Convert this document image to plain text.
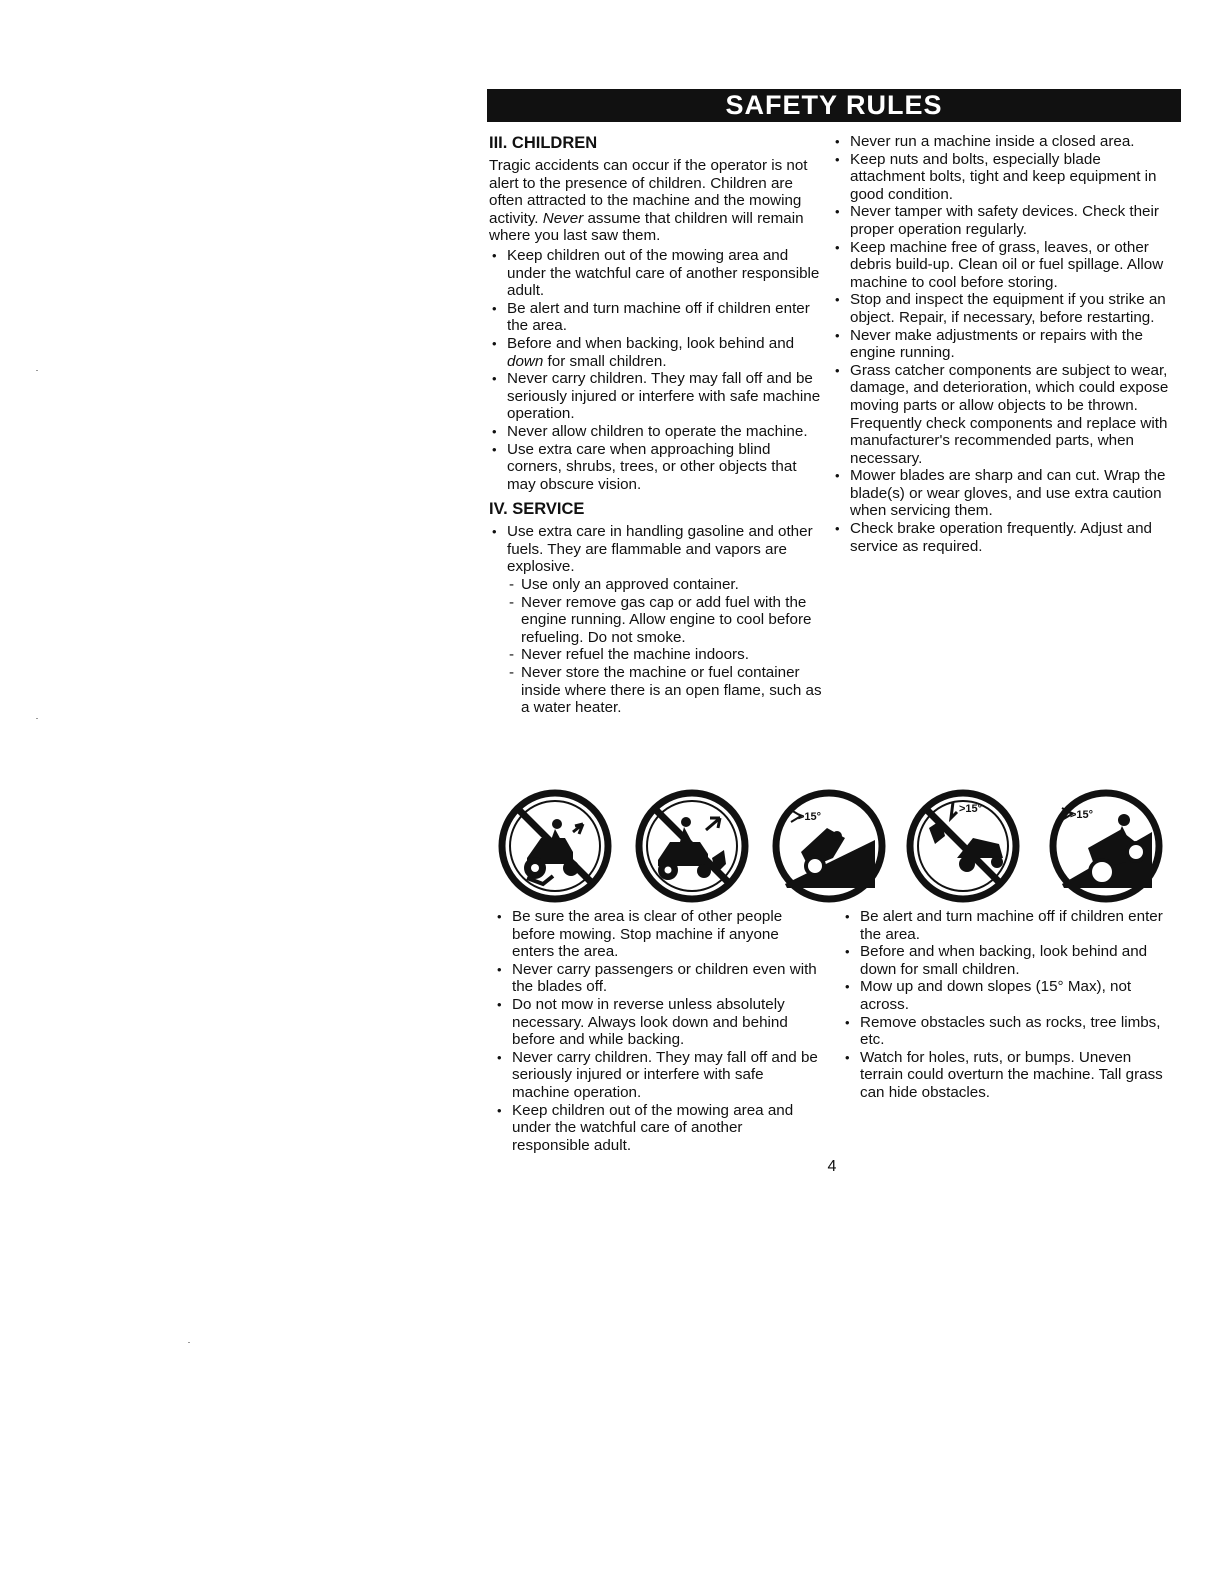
SAFETY RULES
III. CHILDREN

Tragic accidents can occur if the operator is not alert to the presence of children. Children are often attracted to the machine and the mowing activity. Never assume that children will remain where you last saw them.

• Keep children out of the mowing area and under the watchful care of another responsible adult.
• Be alert and turn machine off if children enter the area.
• Before and when backing, look behind and down for small children.
• Never carry children. They may fall off and be seriously injured or interfere with safe machine operation.
• Never allow children to operate the machine.
• Use extra care when approaching blind corners, shrubs, trees, or other objects that may obscure vision.
IV. SERVICE
• Use extra care in handling gasoline and other fuels. They are flammable and vapors are explosive.
- Use only an approved container.
- Never remove gas cap or add fuel with the engine running. Allow engine to cool before refueling. Do not smoke.
- Never refuel the machine indoors.
- Never store the machine or fuel container inside where there is an open flame, such as a water heater.
• Never run a machine inside a closed area.
• Keep nuts and bolts, especially blade attachment bolts, tight and keep equipment in good condition.
• Never tamper with safety devices. Check their proper operation regularly.
• Keep machine free of grass, leaves, or other debris build-up. Clean oil or fuel spillage. Allow machine to cool before storing.
• Stop and inspect the equipment if you strike an object. Repair, if necessary, before restarting.
• Never make adjustments or repairs with the engine running.
• Grass catcher components are subject to wear, damage, and deterioration, which could expose moving parts or allow objects to be thrown. Frequently check components and replace with manufacturer's recommended parts, when necessary.
• Mower blades are sharp and can cut. Wrap the blade(s) or wear gloves, and use extra caution when servicing them.
• Check brake operation frequently. Adjust and service as required.
>15°
>15°	>15°
• Be sure the area is clear of other people before mowing. Stop machine if anyone enters the area.
• Never carry passengers or children even with the blades off.
• Do not mow in reverse unless absolutely necessary. Always look down and behind before and while backing.
• Never carry children. They may fall off and be seriously injured or interfere with safe machine operation.
• Keep children out of the mowing area and under the watchful care of another responsible adult.
• Be alert and turn machine off if children enter the area.
• Before and when backing, look behind and down for small children.
• Mow up and down slopes (15° Max), not across.
• Remove obstacles such as rocks, tree limbs, etc.
• Watch for holes, ruts, or bumps. Uneven terrain could overturn the machine. Tall grass can hide obstacles.
4
